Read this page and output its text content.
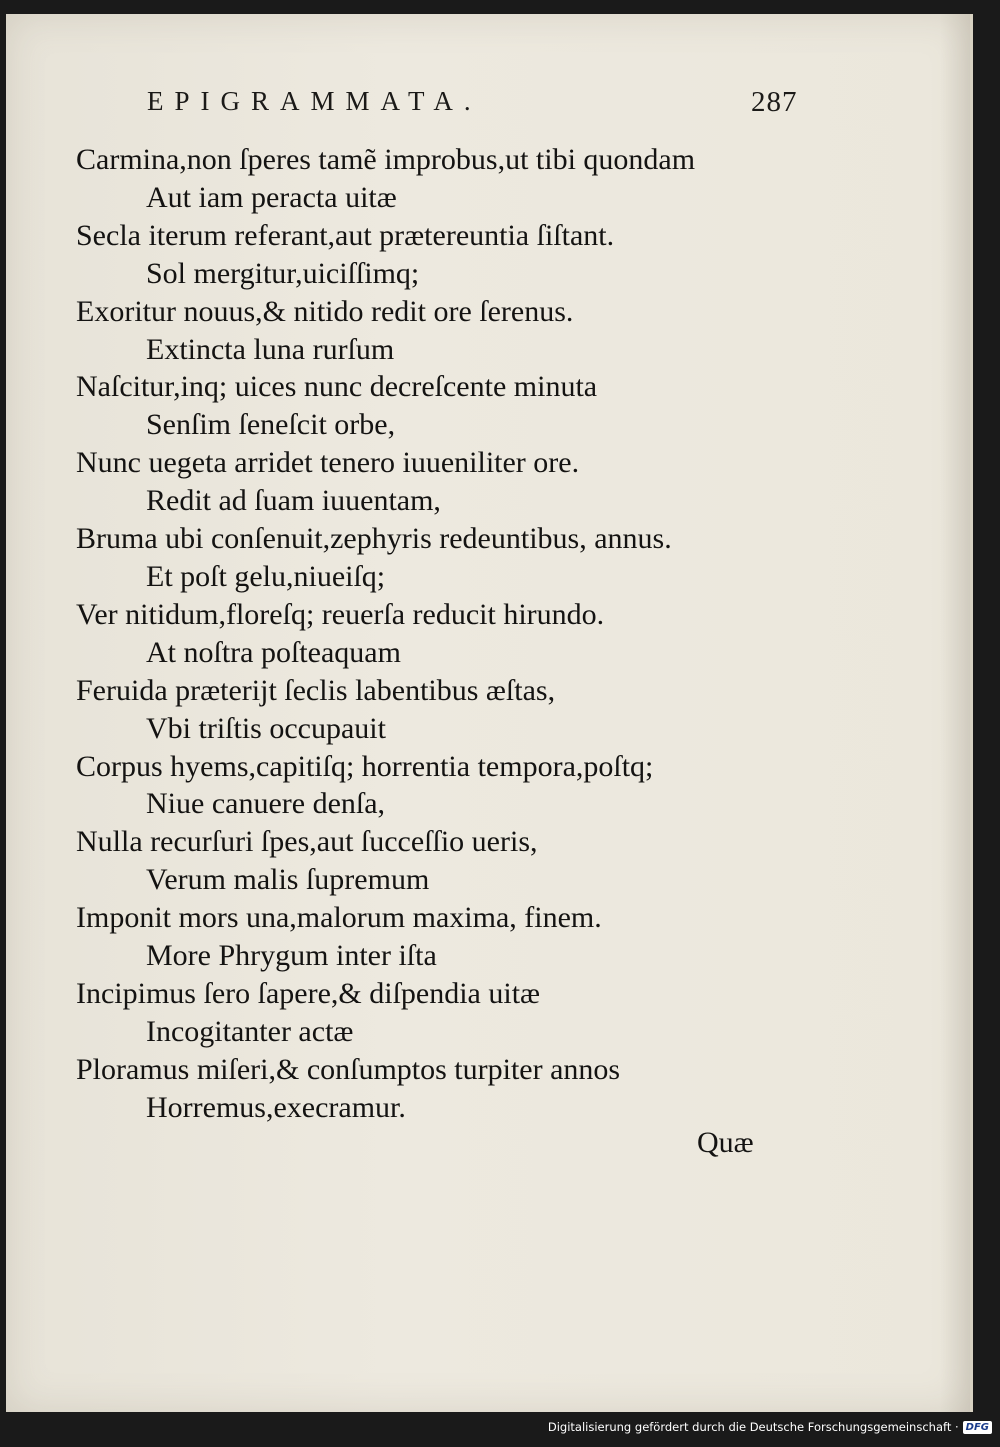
EPIGRAMMATA.	287
Carmina,non ſperes tamẽ improbus,ut tibi quondam
Aut iam peracta uitæ
Secla iterum referant,aut prætereuntia ſiſtant.
Sol mergitur,uiciſſimq;
Exoritur nouus,& nitido redit ore ſerenus.
Extincta luna rurſum
Naſcitur,inq; uices nunc decreſcente minuta
Senſim ſeneſcit orbe,
Nunc uegeta arridet tenero iuueniliter ore.
Redit ad ſuam iuuentam,
Bruma ubi conſenuit,zephyris redeuntibus, annus.
Et poſt gelu,niueiſq;
Ver nitidum,floreſq; reuerſa reducit hirundo.
At noſtra poſteaquam
Feruida præterijt ſeclis labentibus æſtas,
Vbi triſtis occupauit
Corpus hyems,capitiſq; horrentia tempora,poſtq;
Niue canuere denſa,
Nulla recurſuri ſpes,aut ſucceſſio ueris,
Verum malis ſupremum
Imponit mors una,malorum maxima, finem.
More Phrygum inter iſta
Incipimus ſero ſapere,& diſpendia uitæ
Incogitanter actæ
Ploramus miſeri,& conſumptos turpiter annos
Horremus,execramur.
Quæ
Digitalisierung gefördert durch die Deutsche Forschungsgemeinschaft · DFG
